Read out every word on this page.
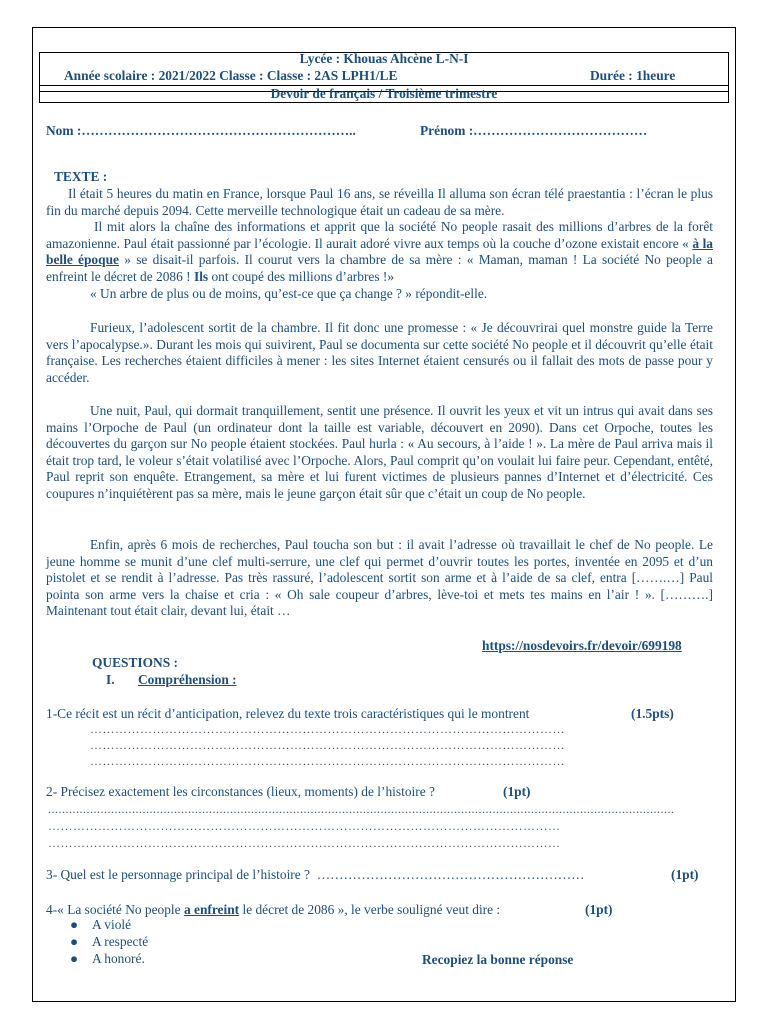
Lycée : Khouas Ahcène L-N-I
Année scolaire : 2021/2022 Classe : Classe : 2AS LPH1/LE	Durée : 1heure
Devoir de français / Troisième trimestre
Nom :……………………………………………………..	Prénom :…………………………………
TEXTE :

Il était 5 heures du matin en France, lorsque Paul 16 ans, se réveilla Il alluma son écran télé praestantia : l’écran le plus fin du marché depuis 2094. Cette merveille technologique était un cadeau de sa mère.

Il mit alors la chaîne des informations et apprit que la société No people rasait des millions d’arbres de la forêt amazonienne. Paul était passionné par l’écologie. Il aurait adoré vivre aux temps où la couche d’ozone existait encore « à la belle époque » se disait-il parfois. Il courut vers la chambre de sa mère : « Maman, maman ! La société No people a enfreint le décret de 2086 ! Ils ont coupé des millions d’arbres !»

« Un arbre de plus ou de moins, qu’est-ce que ça change ? » répondit-elle.

Furieux, l’adolescent sortit de la chambre. Il fit donc une promesse : « Je découvrirai quel monstre guide la Terre vers l’apocalypse.». Durant les mois qui suivirent, Paul se documenta sur cette société No people et il découvrit qu’elle était française. Les recherches étaient difficiles à mener : les sites Internet étaient censurés ou il fallait des mots de passe pour y accéder.

Une nuit, Paul, qui dormait tranquillement, sentit une présence. Il ouvrit les yeux et vit un intrus qui avait dans ses mains l’Orpoche de Paul (un ordinateur dont la taille est variable, découvert en 2090). Dans cet Orpoche, toutes les découvertes du garçon sur No people étaient stockées. Paul hurla : « Au secours, à l’aide ! ». La mère de Paul arriva mais il était trop tard, le voleur s’était volatilisé avec l’Orpoche. Alors, Paul comprit qu’on voulait lui faire peur. Cependant, entêté, Paul reprit son enquête. Etrangement, sa mère et lui furent victimes de plusieurs pannes d’Internet et d’électricité. Ces coupures n’inquiétèrent pas sa mère, mais le jeune garçon était sûr que c’était un coup de No people.

Enfin, après 6 mois de recherches, Paul toucha son but : il avait l’adresse où travaillait le chef de No people. Le jeune homme se munit d’une clef multi-serrure, une clef qui permet d’ouvrir toutes les portes, inventée en 2095 et d’un pistolet et se rendit à l’adresse. Pas très rassuré, l’adolescent sortit son arme et à l’aide de sa clef, entra […….…] Paul pointa son arme vers la chaise et cria : « Oh sale coupeur d’arbres, lève-toi et mets tes mains en l’air ! ». [……….] Maintenant tout était clair, devant lui, était …

https://nosdevoirs.fr/devoir/699198
QUESTIONS :
I. Compréhension :
1-Ce récit est un récit d’anticipation, relevez du texte trois caractéristiques qui le montrent	(1.5pts)
……………………………………………………………………………………………………
……………………………………………………………………………………………………
……………………………………………………………………………………………………
2- Précisez exactement les circonstances (lieux, moments) de l’histoire ?	(1pt)
...................................................................................................................................................................................
……………………………………………………………………………………………………………
……………………………………………………………………………………………………………
3- Quel est le personnage principal de l’histoire ? ……………………………………………………	(1pt)
4-« La société No people a enfreint le décret de 2086 », le verbe souligné veut dire :	(1pt)
● A violé
● A respecté
● A honoré.	Recopiez la bonne réponse
